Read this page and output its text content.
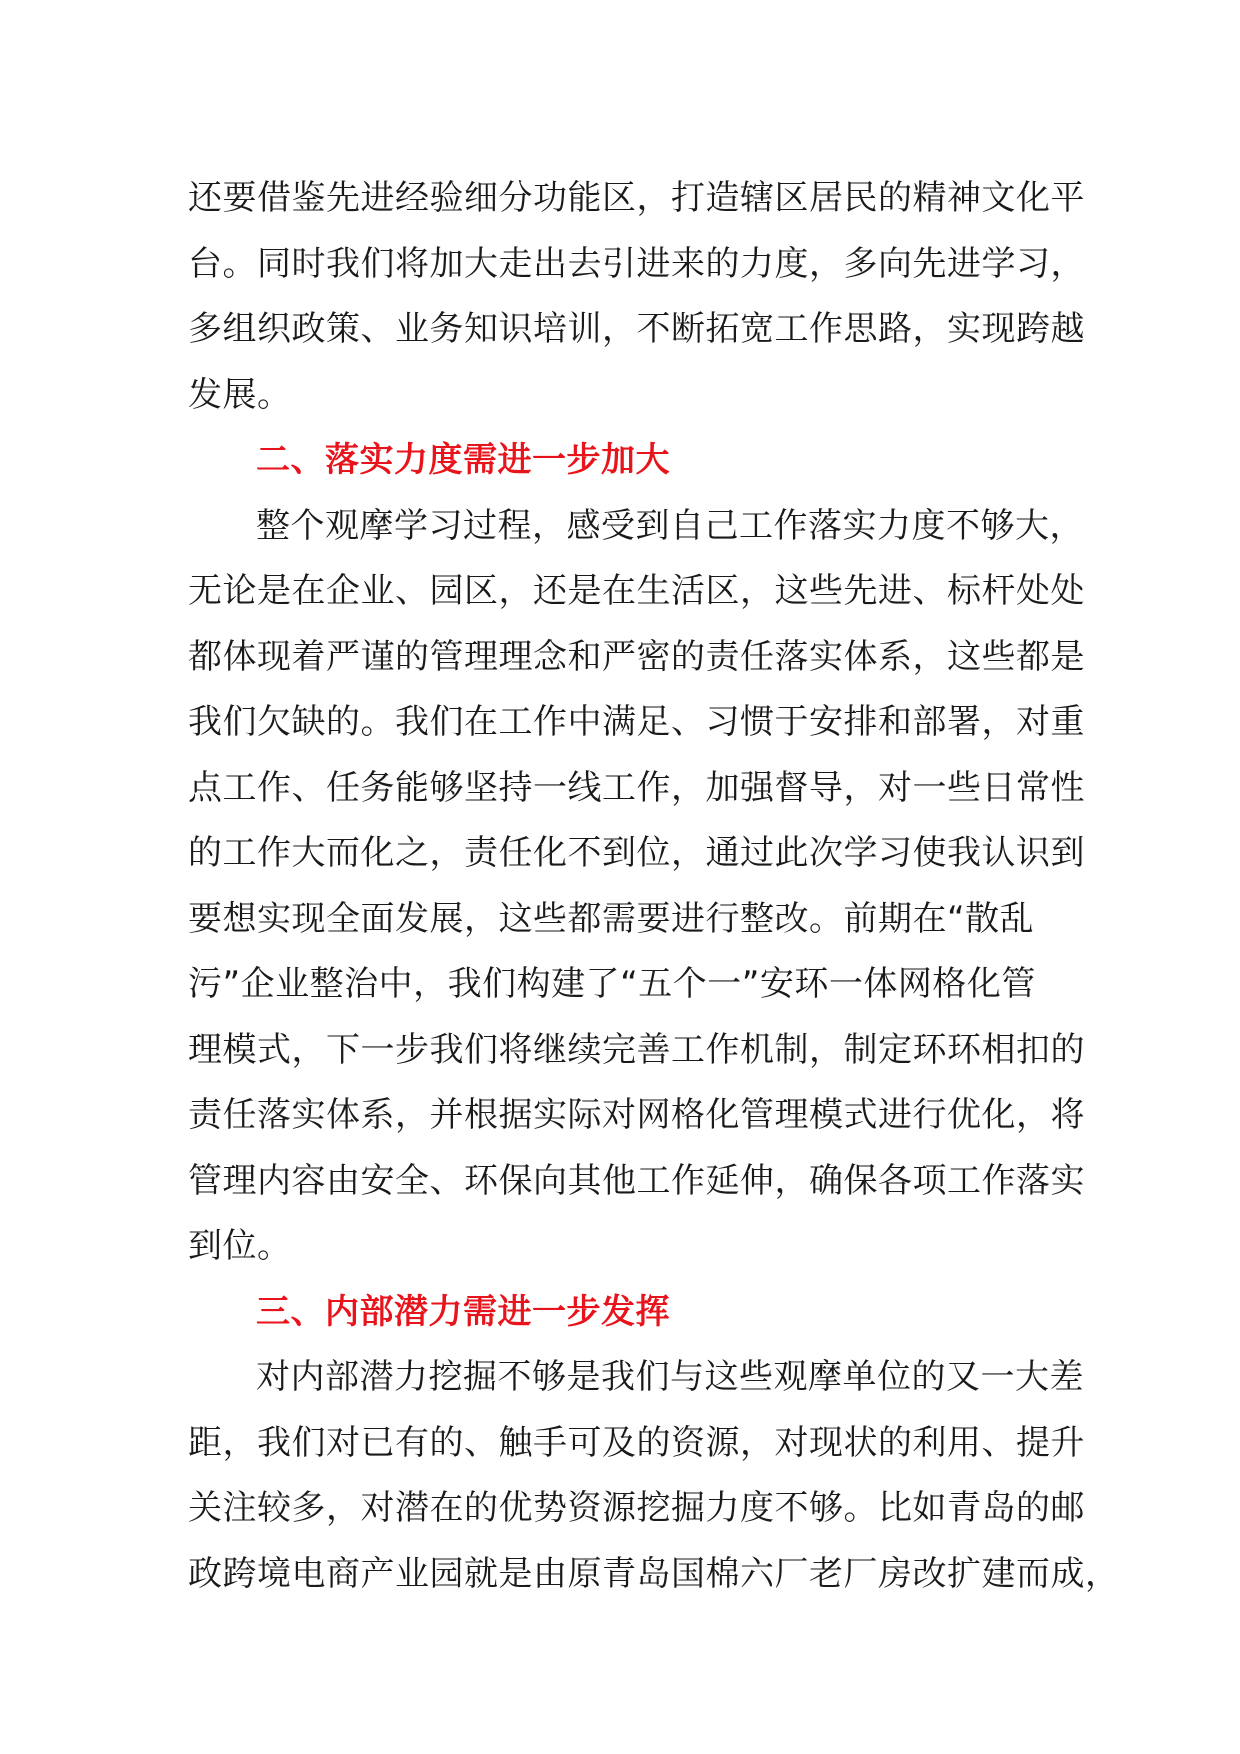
还要借鉴先进经验细分功能区，打造辖区居民的精神文化平
台。同时我们将加大走出去引进来的力度，多向先进学习，
多组织政策、业务知识培训，不断拓宽工作思路，实现跨越
发展。

二、落实力度需进一步加大

整个观摩学习过程，感受到自己工作落实力度不够大，
无论是在企业、园区，还是在生活区，这些先进、标杆处处
都体现着严谨的管理理念和严密的责任落实体系，这些都是
我们欠缺的。我们在工作中满足、习惯于安排和部署，对重
点工作、任务能够坚持一线工作，加强督导，对一些日常性
的工作大而化之，责任化不到位，通过此次学习使我认识到
要想实现全面发展，这些都需要进行整改。前期在“散乱
污”企业整治中，我们构建了“五个一”安环一体网格化管
理模式，下一步我们将继续完善工作机制，制定环环相扣的
责任落实体系，并根据实际对网格化管理模式进行优化，将
管理内容由安全、环保向其他工作延伸，确保各项工作落实
到位。

三、内部潜力需进一步发挥

对内部潜力挖掘不够是我们与这些观摩单位的又一大差
距，我们对已有的、触手可及的资源，对现状的利用、提升
关注较多，对潜在的优势资源挖掘力度不够。比如青岛的邮
政跨境电商产业园就是由原青岛国棉六厂老厂房改扩建而成，
